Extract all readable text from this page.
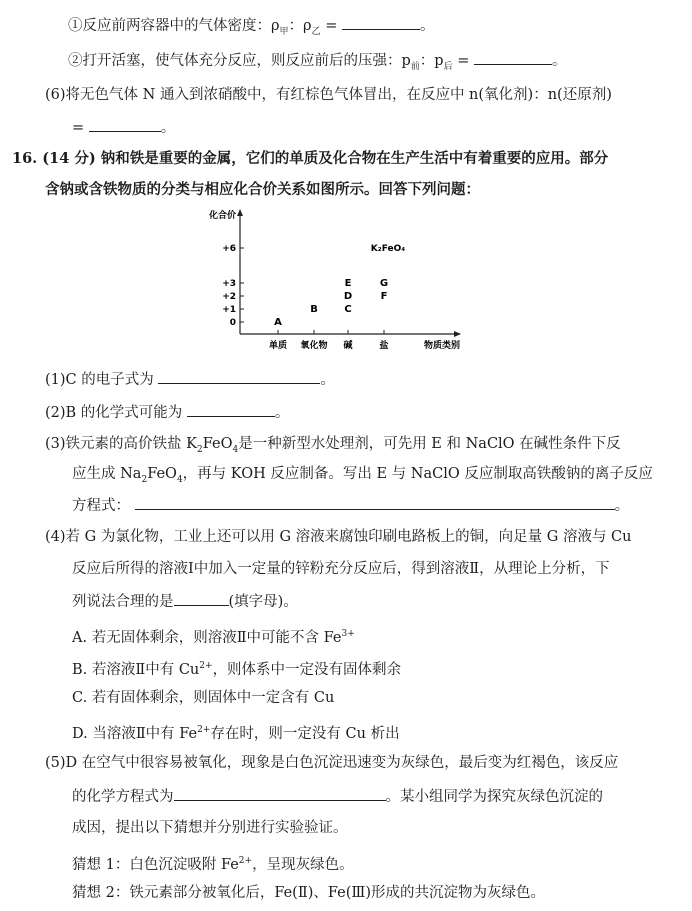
①反应前两容器中的气体密度：$\rho_甲$：$\rho_乙$ =	。
②打开活塞，使气体充分反应，则反应前后的压强：$p_前$：$p_后$ =	。
(6)将无色气体 N 通入到浓硝酸中，有红棕色气体冒出，在反应中 n(氧化剂)：n(还原剂)
=	。
16. (14 分) 钠和铁是重要的金属，它们的单质及化合物在生产生活中有着重要的应用。部分
含钠或含铁物质的分类与相应化合价关系如图所示。回答下列问题：
化合价
+6
+3
+2
+1
0
单质 氧化物 碱	盐	物质类别
A
B
E
D
C
G
F
K₂FeO₄
(1)C 的电子式为	。
(2)B 的化学式可能为	。
(3)铁元素的高价铁盐 $K_2FeO_4$是一种新型水处理剂，可先用 E 和 NaClO 在碱性条件下反
应生成 $Na_2FeO_4$，再与 KOH 反应制备。写出 E 与 NaClO 反应制取高铁酸钠的离子反应
方程式：	。
(4)若 G 为氯化物，工业上还可以用 G 溶液来腐蚀印刷电路板上的铜，向足量 G 溶液与 Cu
反应后所得的溶液Ⅰ中加入一定量的锌粉充分反应后，得到溶液Ⅱ，从理论上分析，下
列说法合理的是	(填字母)。
A. 若无固体剩余，则溶液Ⅱ中可能不含 $Fe^{3+}$
B. 若溶液Ⅱ中有 $Cu^{2+}$，则体系中一定没有固体剩余
C. 若有固体剩余，则固体中一定含有 Cu
D. 当溶液Ⅱ中有 $Fe^{2+}$存在时，则一定没有 Cu 析出
(5)D 在空气中很容易被氧化，现象是白色沉淀迅速变为灰绿色，最后变为红褐色，该反应
的化学方程式为	。某小组同学为探究灰绿色沉淀的
成因，提出以下猜想并分别进行实验验证。
猜想 1：白色沉淀吸附 $Fe^{2+}$，呈现灰绿色。
猜想 2：铁元素部分被氧化后，Fe(Ⅱ)、Fe(Ⅲ)形成的共沉淀物为灰绿色。
